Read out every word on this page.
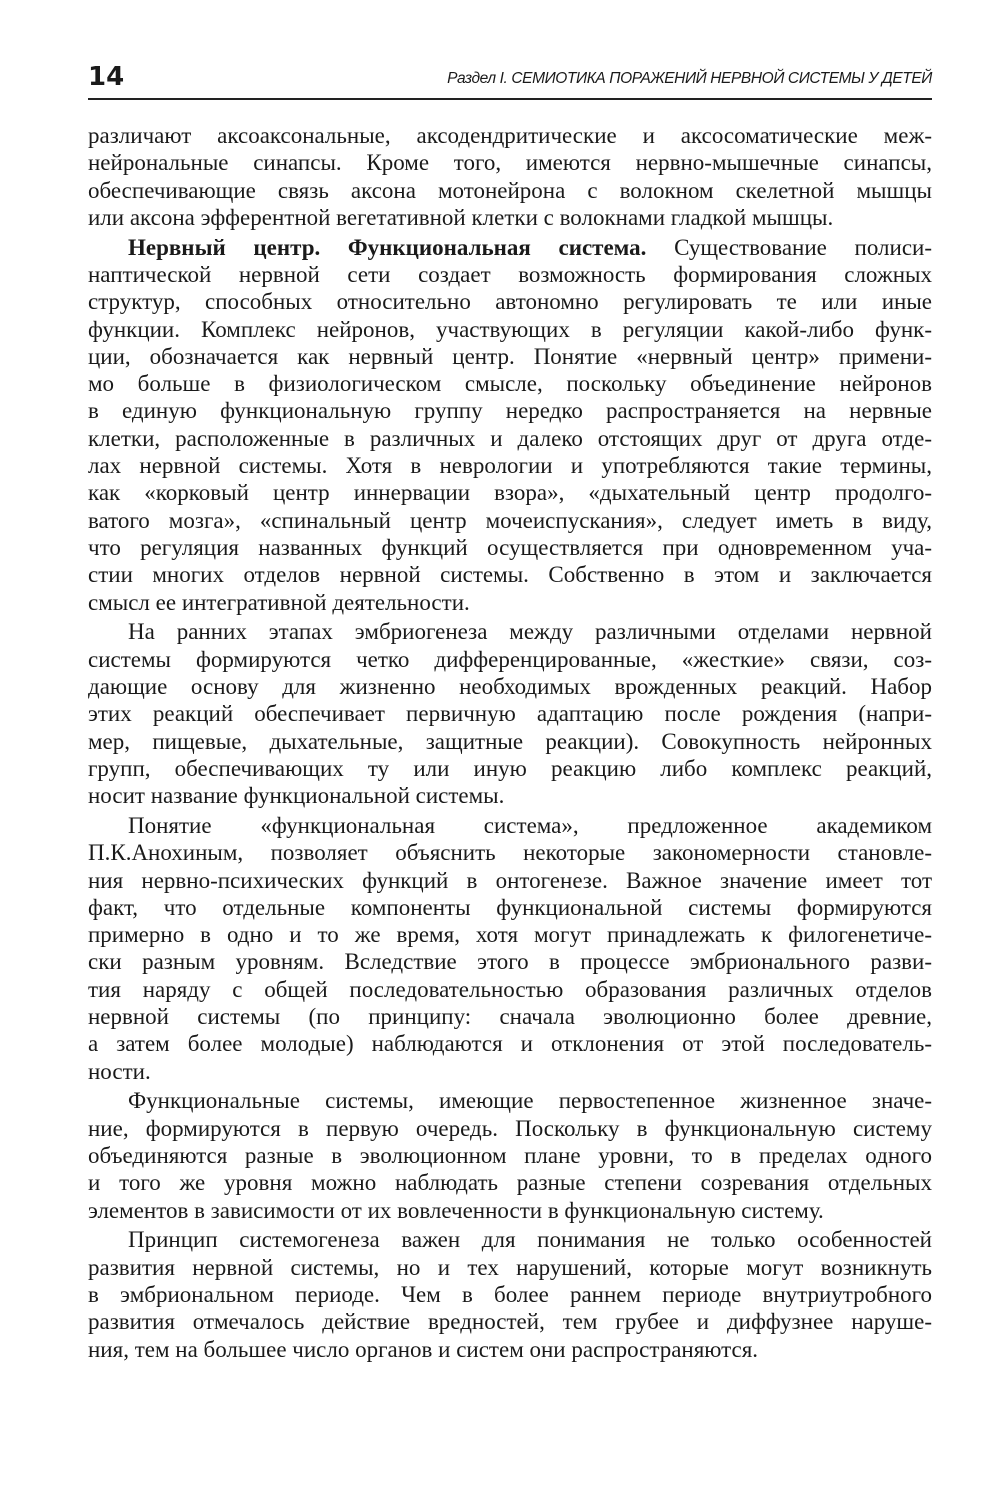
14	Раздел I. СЕМИОТИКА ПОРАЖЕНИЙ НЕРВНОЙ СИСТЕМЫ У ДЕТЕЙ
различают аксоаксональные, аксодендритические и аксосоматические меж-
нейрональные синапсы. Кроме того, имеются нервно-мышечные синапсы,
обеспечивающие связь аксона мотонейрона с волокном скелетной мышцы
или аксона эфферентной вегетативной клетки с волокнами гладкой мышцы.
Нервный центр. Функциональная система. Существование полиси-
наптической нервной сети создает возможность формирования сложных
структур, способных относительно автономно регулировать те или иные
функции. Комплекс нейронов, участвующих в регуляции какой-либо функ-
ции, обозначается как нервный центр. Понятие «нервный центр» примени-
мо больше в физиологическом смысле, поскольку объединение нейронов
в единую функциональную группу нередко распространяется на нервные
клетки, расположенные в различных и далеко отстоящих друг от друга отде-
лах нервной системы. Хотя в неврологии и употребляются такие термины,
как «корковый центр иннервации взора», «дыхательный центр продолго-
ватого мозга», «спинальный центр мочеиспускания», следует иметь в виду,
что регуляция названных функций осуществляется при одновременном уча-
стии многих отделов нервной системы. Собственно в этом и заключается
смысл ее интегративной деятельности.
На ранних этапах эмбриогенеза между различными отделами нервной
системы формируются четко дифференцированные, «жесткие» связи, соз-
дающие основу для жизненно необходимых врожденных реакций. Набор
этих реакций обеспечивает первичную адаптацию после рождения (напри-
мер, пищевые, дыхательные, защитные реакции). Совокупность нейронных
групп, обеспечивающих ту или иную реакцию либо комплекс реакций,
носит название функциональной системы.
Понятие «функциональная система», предложенное академиком
П.К.Анохиным, позволяет объяснить некоторые закономерности становле-
ния нервно-психических функций в онтогенезе. Важное значение имеет тот
факт, что отдельные компоненты функциональной системы формируются
примерно в одно и то же время, хотя могут принадлежать к филогенетиче-
ски разным уровням. Вследствие этого в процессе эмбрионального разви-
тия наряду с общей последовательностью образования различных отделов
нервной системы (по принципу: сначала эволюционно более древние,
а затем более молодые) наблюдаются и отклонения от этой последователь-
ности.
Функциональные системы, имеющие первостепенное жизненное значе-
ние, формируются в первую очередь. Поскольку в функциональную систему
объединяются разные в эволюционном плане уровни, то в пределах одного
и того же уровня можно наблюдать разные степени созревания отдельных
элементов в зависимости от их вовлеченности в функциональную систему.
Принцип системогенеза важен для понимания не только особенностей
развития нервной системы, но и тех нарушений, которые могут возникнуть
в эмбриональном периоде. Чем в более раннем периоде внутриутробного
развития отмечалось действие вредностей, тем грубее и диффузнее наруше-
ния, тем на большее число органов и систем они распространяются.
